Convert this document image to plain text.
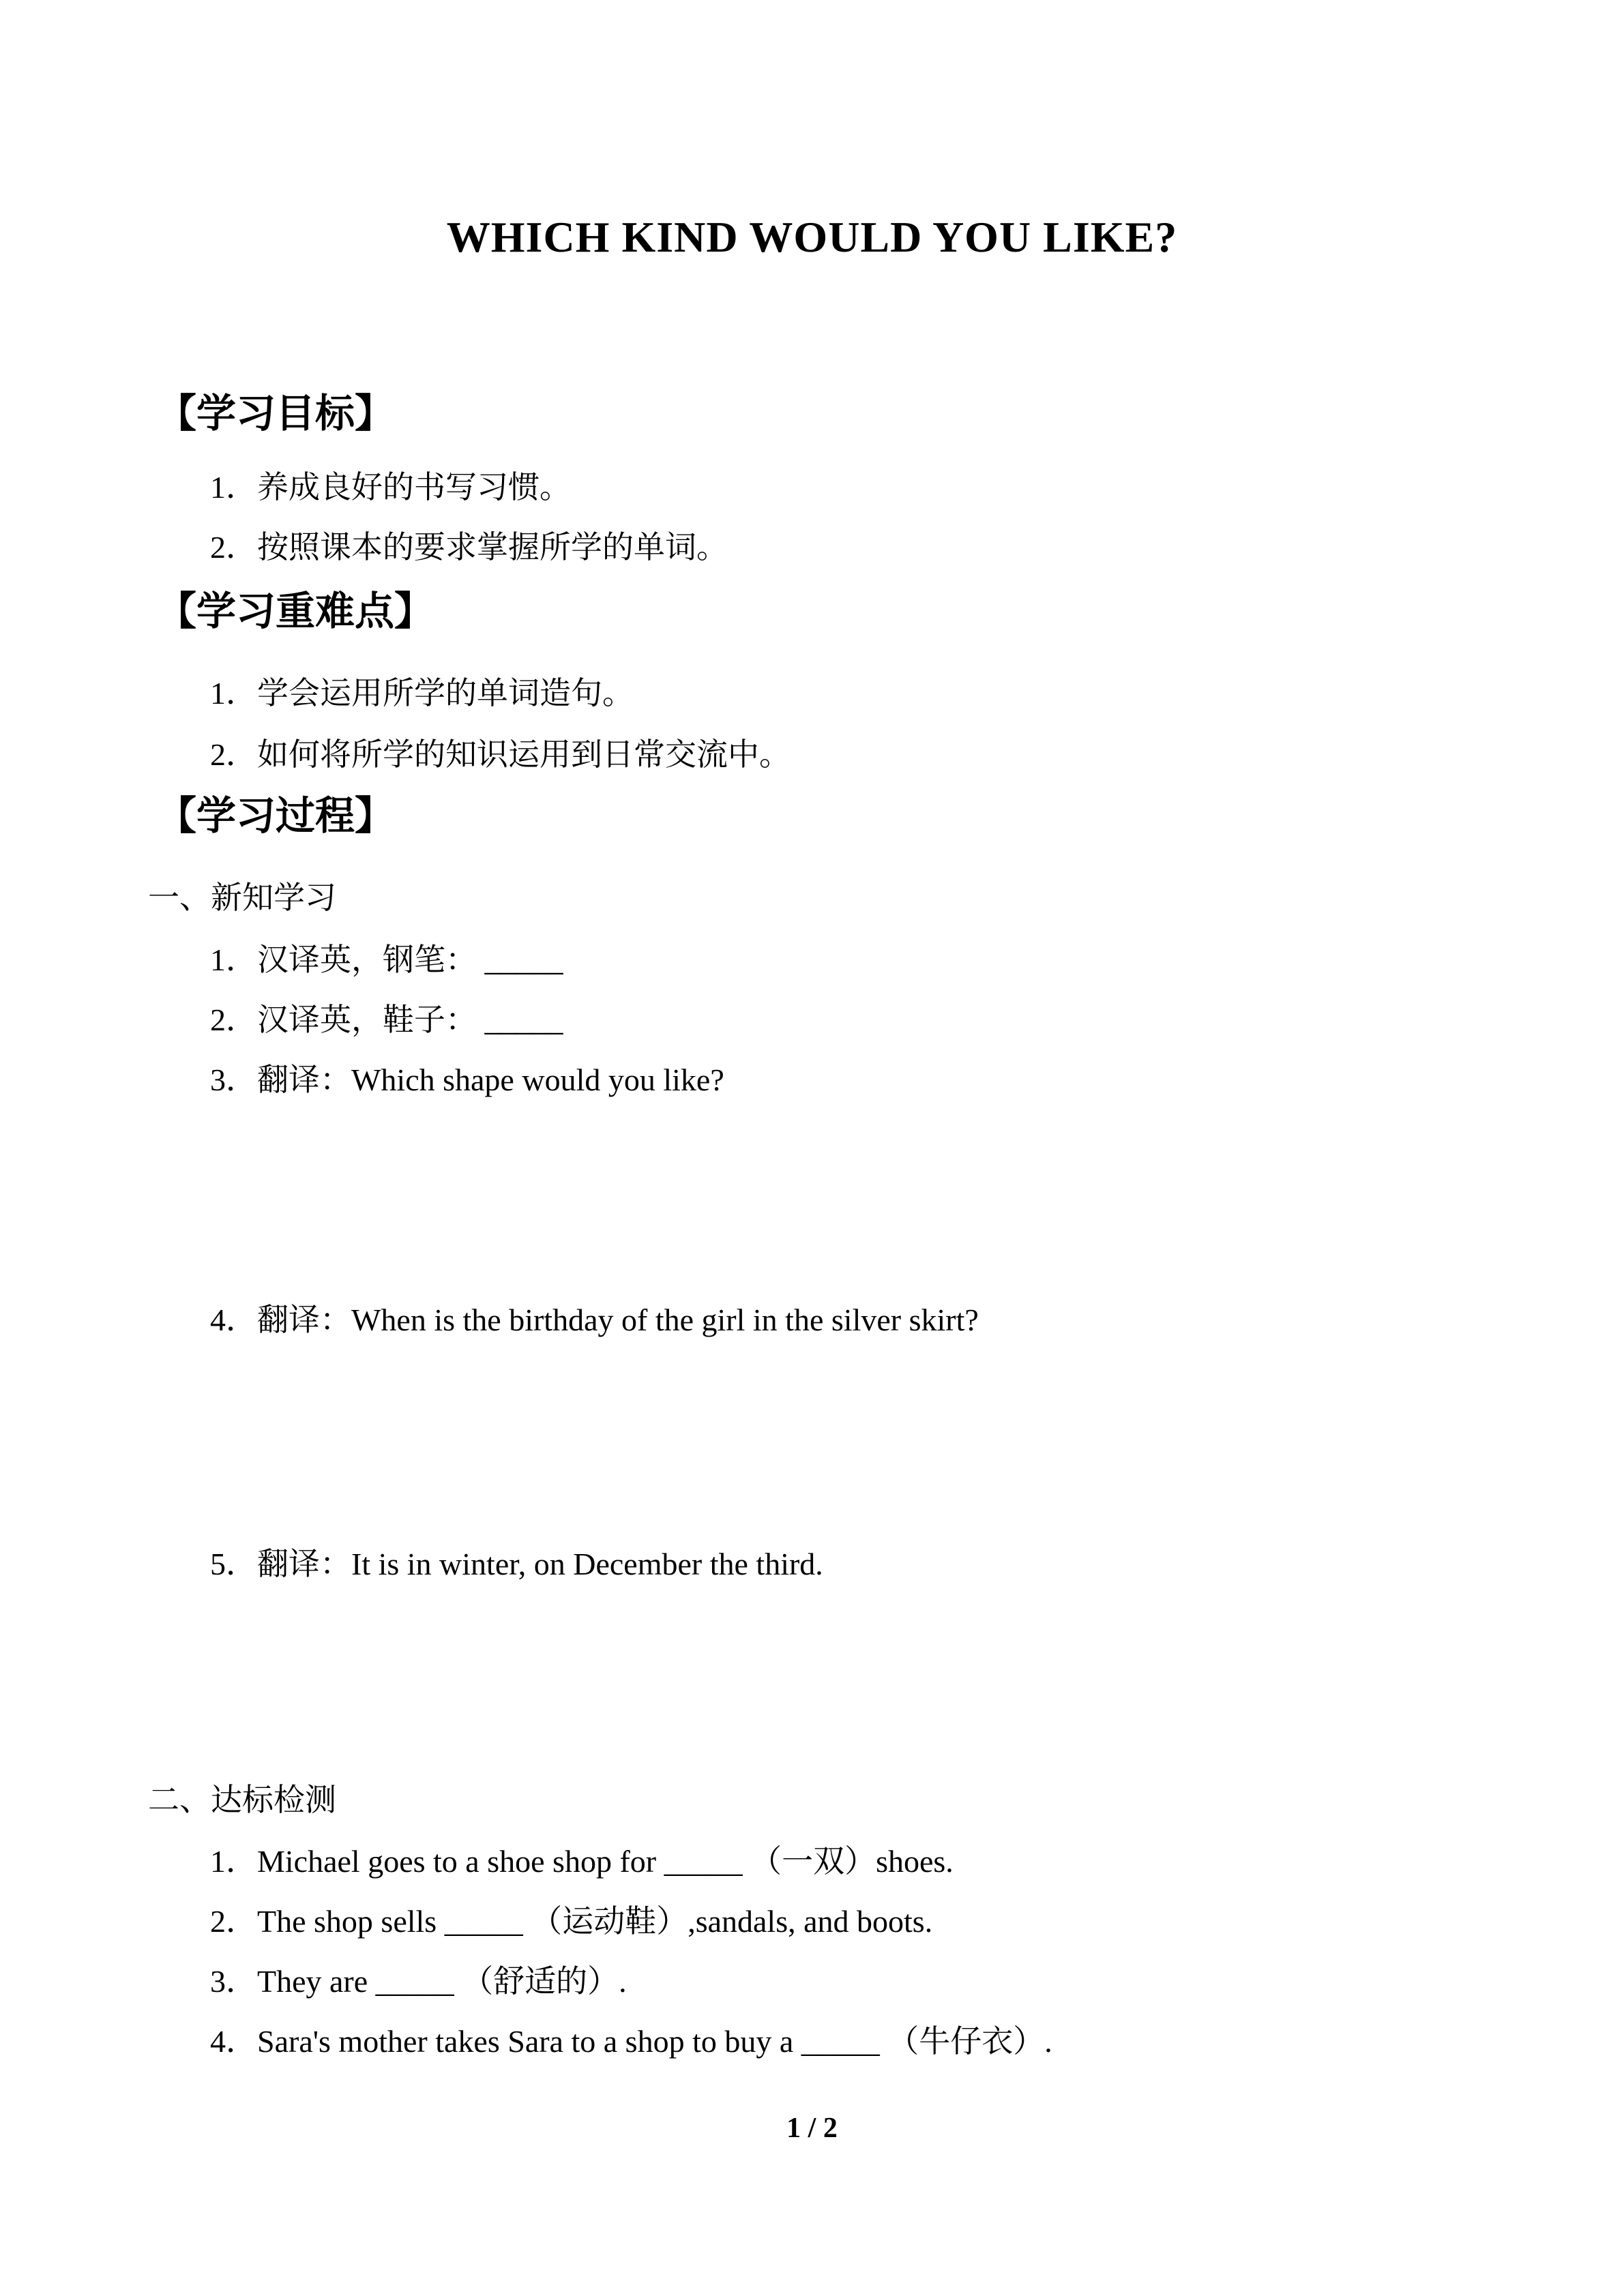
WHICH KIND WOULD YOU LIKE?
【学习目标】
1．养成良好的书写习惯。
2．按照课本的要求掌握所学的单词。
【学习重难点】
1．学会运用所学的单词造句。
2．如何将所学的知识运用到日常交流中。
【学习过程】
一、新知学习
1．汉译英，钢笔： _____
2．汉译英，鞋子： _____
3．翻译：Which shape would you like?
4．翻译：When is the birthday of the girl in the silver skirt?
5．翻译：It is in winter, on December the third.
二、达标检测
1．Michael goes to a shoe shop for _____ （一双）shoes.
2．The shop sells _____ （运动鞋）,sandals, and boots.
3．They are _____ （舒适的）.
4．Sara's mother takes Sara to a shop to buy a _____ （牛仔衣）.
1 / 2
